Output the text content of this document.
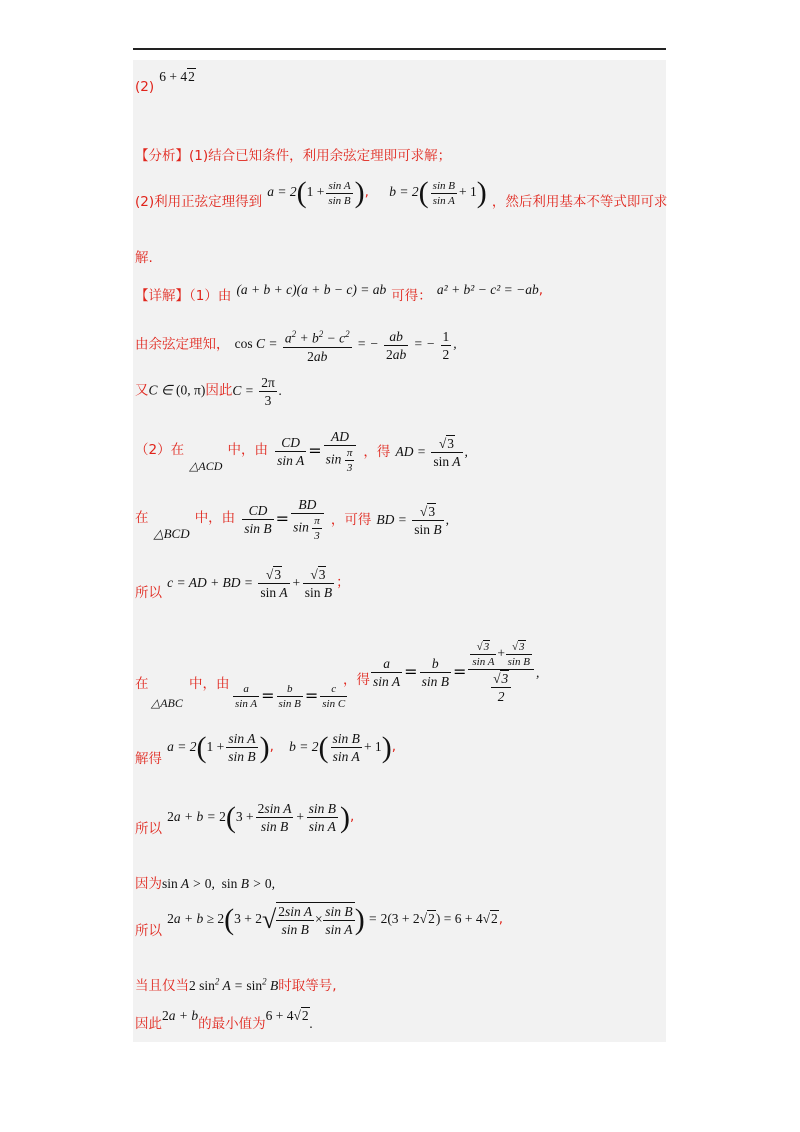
$_{(2)}$ 6 + 42
【分析】(1)结合已知条件，利用余弦定理即可求解；
$_{(2)利用正弦定理得到}$ $a = 2(1 + \frac{\text{sin A}}{\text{sin B}}$ ), $b = 2( \frac{\text{sin B}}{\text{sin A}} + 1)$ $_{,然后利用基本不等式即可求}$
解.
$_{【详解】(1)由}$ (a + b + c)(a + b − c) = ab $_{可得:}$ a² + b² − c² = −ab,
由余弦定理知， $\cos C = \frac{a^2 + b^2 - c^2}{2ab}$ = − $\frac{ab}{2ab}$ = − $\frac{1}{2}$ ,
又C ∈ (0, π)因此$C = \frac{2\pi}{3}$ .
（2）在 $_{\triangle ACD}$ 中，由 $\frac{CD}{\text{sin A}} = \frac{AD}{\sin \frac{\pi}{3}}$ ，得 AD = $\frac{√3}{\text{sin A}}$ ,
在 $_{\triangle BCD}$ 中，由 $\frac{CD}{\text{sin B}} = \frac{BD}{\sin \frac{\pi}{3}}$ ，可得 BD = $\frac{√3}{\text{sin B}}$ ,
$_{所以}$ c = AD + BD = $\frac{√3}{\text{sin A}} + \frac{√3}{\text{sin B}}$ ；
在
△ABC
中，由 $\frac{a}{\text{sin A}} = \frac{b}{\text{sin B}} = \frac{c}{\text{sin C}}$
，得 $\frac{a}{\text{sin A}} = \frac{b}{\text{sin B}} = \frac{\frac{√3}{\text{sin A}} + \frac{√3}{\text{sin B}}}{\frac{√3}{2}}$ ,
$_{解得}$ $a = 2(1 + \frac{\text{sin A}}{\text{sin B}}$ ), $b = 2( \frac{\text{sin B}}{\text{sin A}} + 1)$,
$_{所以}$ $2a + b = 2(3 + \frac{\text{2sin A}}{\text{sin B}} + \frac{\text{sin B}}{\text{sin A}}$ ),
因为sin A > 0,  sin B > 0,
$_{所以}$ $2a + b \ge 2(3 + 2√ \frac{\text{2sin A}}{\text{sin B}} \times \frac{\text{sin B}}{\text{sin A}}$ ) = 2(3 + 2√2) = 6 + 4√2,
当且仅当2 $\sin^2 A = \sin^2 B$时取等号,
$_{因此}2a + b_{的最小值为}6 + 4√2_.$
